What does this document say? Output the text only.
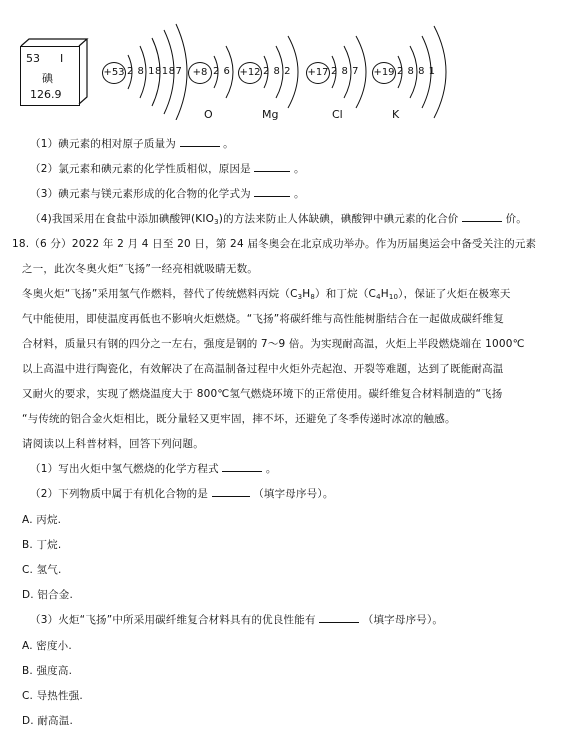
53 I
碘
126.9
+53 2 8 18187	+8 2 6
O
+12 2 8 2
Mg
+17 2 8 7
Cl
+19 2 8 8 1
K
（1）碘元素的相对原子质量为	。
（2）氯元素和碘元素的化学性质相似，原因是	。
（3）碘元素与镁元素形成的化合物的化学式为	。
（4)我国采用在食盐中添加碘酸钾$(KIO_3)$的方法来防止人体缺碘，碘酸钾中碘元素的化合价	价。
18.（6 分）2022 年 2 月 4 日至 20 日，第 24 届冬奥会在北京成功举办。作为历届奥运会中备受关注的元素
之一，此次冬奥火炬“飞扬”一经亮相就吸睛无数。
冬奥火炬“飞扬”采用氢气作燃料，替代了传统燃料丙烷$(C_3H_8)$和丁烷$(C_4H_{10})$，保证了火炬在极寒天
气中能使用，即使温度再低也不影响火炬燃烧。“飞扬”将碳纤维与高性能树脂结合在一起做成碳纤维复
合材料，质量只有钢的四分之一左右，强度是钢的 7～9 倍。为实现耐高温，火炬上半段燃烧端在 1000℃
以上高温中进行陶瓷化，有效解决了在高温制备过程中火炬外壳起泡、开裂等难题，达到了既能耐高温
又耐火的要求，实现了燃烧温度大于 800℃氢气燃烧环境下的正常使用。碳纤维复合材料制造的“飞扬
“与传统的铝合金火炬相比，既分量轻又更牢固，摔不坏，还避免了冬季传递时冰凉的触感。
请阅读以上科普材料，回答下列问题。
（1）写出火炬中氢气燃烧的化学方程式	。
（2）下列物质中属于有机化合物的是	（填字母序号）。
A. 丙烷.
B. 丁烷.
C. 氢气.
D. 铝合金.
（3）火炬“飞扬”中所采用碳纤维复合材料具有的优良性能有	（填字母序号）。
A. 密度小.
B. 强度高.
C. 导热性强.
D. 耐高温.
